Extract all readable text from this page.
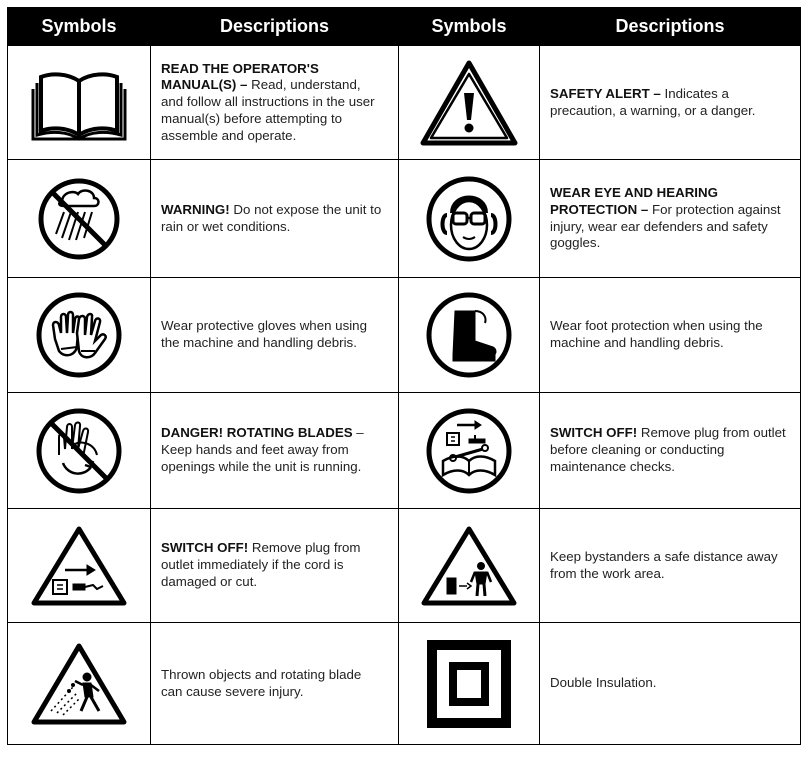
Symbols	Descriptions	Symbols	Descriptions

	READ THE OPERATOR'S MANUAL(S) – Read, understand, and follow all instructions in the user manual(s) before attempting to assemble and operate.		SAFETY ALERT – Indicates a precaution, a warning, or a danger.

	WARNING! Do not expose the unit to rain or wet conditions.		WEAR EYE AND HEARING PROTECTION – For protection against injury, wear ear defenders and safety goggles.

	Wear protective gloves when using the machine and handling debris.		Wear foot protection when using the machine and handling debris.

	DANGER! ROTATING BLADES – Keep hands and feet away from openings while the unit is running.		SWITCH OFF! Remove plug from outlet before cleaning or conducting maintenance checks.

	SWITCH OFF! Remove plug from outlet immediately if the cord is damaged or cut.		Keep bystanders a safe distance away from the work area.

	Thrown objects and rotating blade can cause severe injury.		Double Insulation.
